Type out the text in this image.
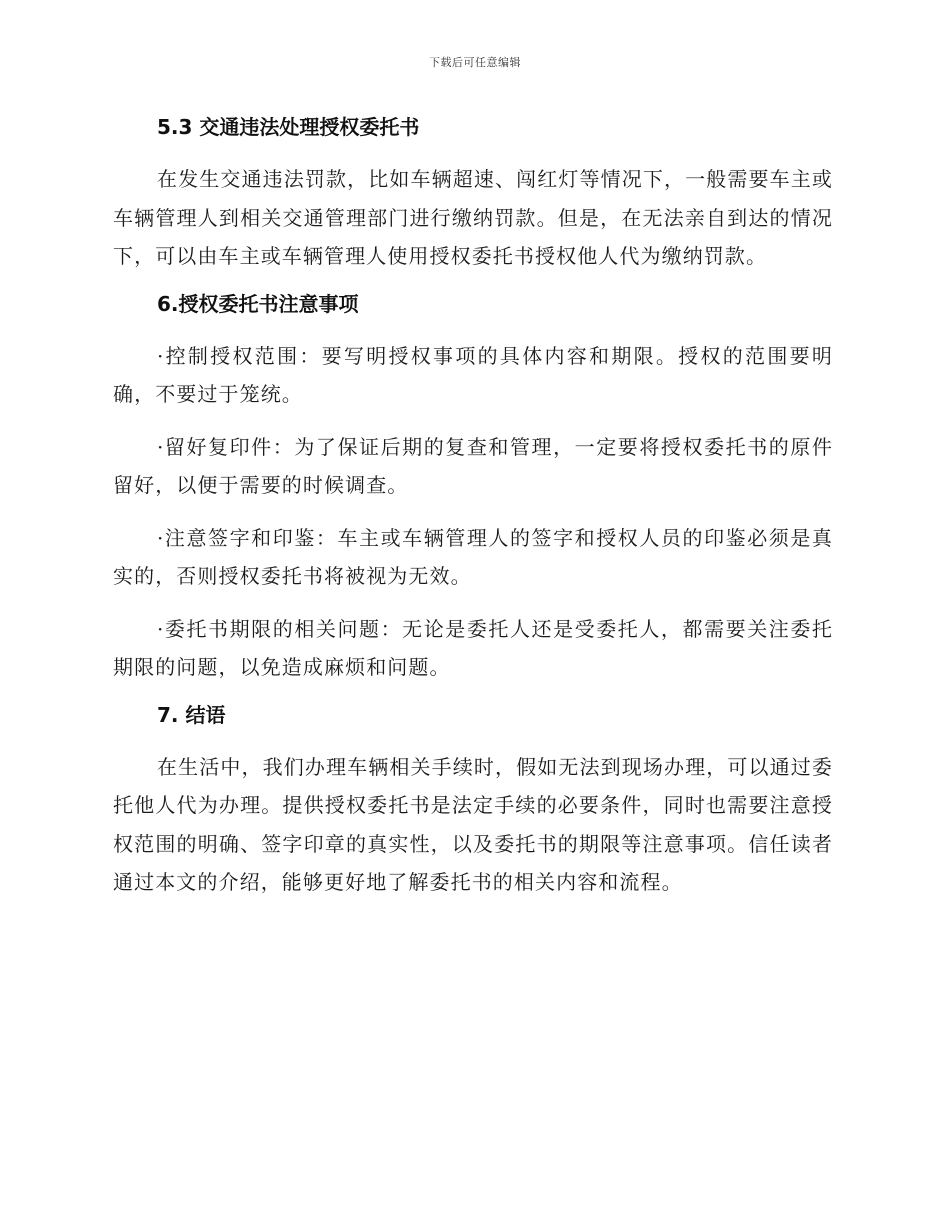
下载后可任意编辑
5.3 交通违法处理授权委托书

在发生交通违法罚款，比如车辆超速、闯红灯等情况下，一般需要车主或车辆管理人到相关交通管理部门进行缴纳罚款。但是，在无法亲自到达的情况下，可以由车主或车辆管理人使用授权委托书授权他人代为缴纳罚款。

6.授权委托书注意事项

·控制授权范围：要写明授权事项的具体内容和期限。授权的范围要明确，不要过于笼统。

·留好复印件：为了保证后期的复查和管理，一定要将授权委托书的原件留好，以便于需要的时候调查。

·注意签字和印鉴：车主或车辆管理人的签字和授权人员的印鉴必须是真实的，否则授权委托书将被视为无效。

·委托书期限的相关问题：无论是委托人还是受委托人，都需要关注委托期限的问题，以免造成麻烦和问题。

7. 结语

在生活中，我们办理车辆相关手续时，假如无法到现场办理，可以通过委托他人代为办理。提供授权委托书是法定手续的必要条件，同时也需要注意授权范围的明确、签字印章的真实性，以及委托书的期限等注意事项。信任读者通过本文的介绍，能够更好地了解委托书的相关内容和流程。
